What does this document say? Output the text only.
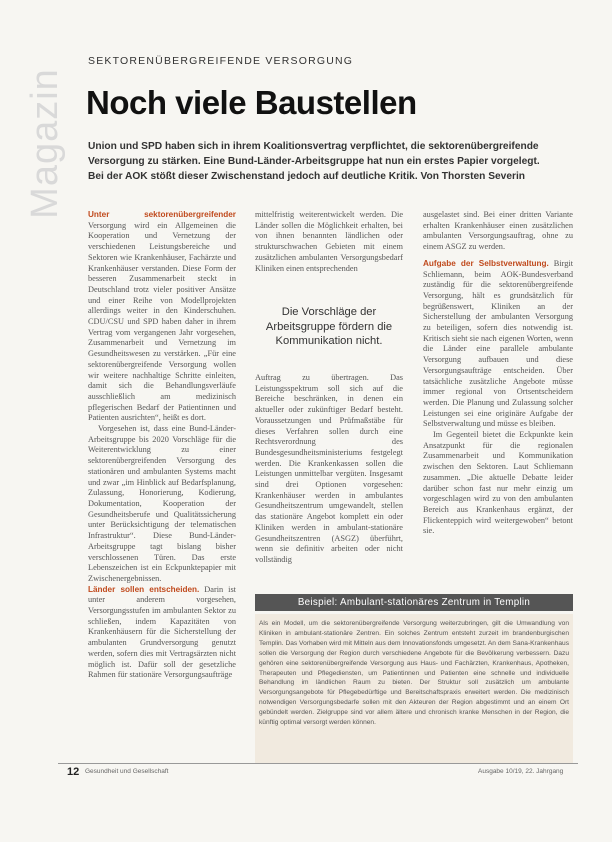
Magazin
SEKTORENÜBERGREIFENDE VERSORGUNG
Noch viele Baustellen
Union und SPD haben sich in ihrem Koalitionsvertrag verpflichtet, die sektorenübergreifende Versorgung zu stärken. Eine Bund-Länder-Arbeitsgruppe hat nun ein erstes Papier vorgelegt. Bei der AOK stößt dieser Zwischenstand jedoch auf deutliche Kritik. Von Thorsten Severin

Unter sektorenübergreifender Versorgung wird ein Allgemeinen die Kooperation und Vernetzung der verschiedenen Leistungsbereiche und Sektoren wie Krankenhäuser, Fachärzte und Krankenhäuser verstanden. Diese Form der besseren Zusammenarbeit steckt in Deutschland trotz vieler positiver Ansätze und einer Reihe von Modellprojekten allerdings weiter in den Kinderschuhen. CDU/CSU und SPD haben daher in ihrem Vertrag vom vergangenen Jahr vorgesehen, Zusammenarbeit und Vernetzung im Gesundheitswesen zu verstärken. „Für eine sektorenübergreifende Versorgung wollen wir weitere nachhaltige Schritte einleiten, damit sich die Behandlungsverläufe ausschließlich am medizinisch pflegerischen Bedarf der Patientinnen und Patienten ausrichten“, heißt es dort.

Vorgesehen ist, dass eine Bund-Länder-Arbeitsgruppe bis 2020 Vorschläge für die Weiterentwicklung zu einer sektorenübergreifenden Versorgung des stationären und ambulanten Systems macht und zwar „im Hinblick auf Bedarfsplanung, Zulassung, Honorierung, Kodierung, Dokumentation, Kooperation der Gesundheitsberufe und Qualitätssicherung unter Berücksichtigung der telematischen Infrastruktur“. Diese Bund-Länder-Arbeitsgruppe tagt bislang bisher verschlossenen Türen. Das erste Lebenszeichen ist ein Eckpunktepapier mit Zwischenergebnissen.

Länder sollen entscheiden. Darin ist unter anderem vorgesehen, Versorgungsstufen im ambulanten Sektor zu schließen, indem Kapazitäten von Krankenhäusern für die Sicherstellung der ambulanten Grundversorgung genutzt werden, sofern dies mit Vertragsärzten nicht möglich ist. Dafür soll der gesetzliche Rahmen für stationäre Versorgungsaufträge

mittelfristig weiterentwickelt werden. Die Länder sollen die Möglichkeit erhalten, bei von ihnen benannten ländlichen oder strukturschwachen Gebieten mit einem zusätzlichen ambulanten Versorgungsbedarf Kliniken einen entsprechenden

Die Vorschläge der Arbeitsgruppe fördern die Kommunikation nicht.

Auftrag zu übertragen. Das Leistungsspektrum soll sich auf die Bereiche beschränken, in denen ein aktueller oder zukünftiger Bedarf besteht. Voraussetzungen und Prüfmaßstäbe für dieses Verfahren sollen durch eine Rechtsverordnung des Bundesgesundheitsministeriums festgelegt werden. Die Krankenkassen sollen die Leistungen unmittelbar vergüten. Insgesamt sind drei Optionen vorgesehen: Krankenhäuser werden in ambulantes Gesundheitszentrum umgewandelt, stellen das stationäre Angebot komplett ein oder Kliniken werden in ambulant-stationäre Gesundheitszentren (ASGZ) überführt, wenn sie definitiv arbeiten oder nicht vollständig

ausgelastet sind. Bei einer dritten Variante erhalten Krankenhäuser einen zusätzlichen ambulanten Versorgungsauftrag, ohne zu einem ASGZ zu werden.

Aufgabe der Selbstverwaltung. Birgit Schliemann, beim AOK-Bundesverband zuständig für die sektorenübergreifende Versorgung, hält es grundsätzlich für begrüßenswert, Kliniken an der Sicherstellung der ambulanten Versorgung zu beteiligen, sofern dies notwendig ist. Kritisch sieht sie nach eigenen Worten, wenn die Länder eine parallele ambulante Versorgung aufbauen und diese Versorgungsaufträge entscheiden. Über tatsächliche zusätzliche Angebote müsse immer regional von Ortsentscheidern werden. Die Planung und Zulassung solcher Leistungen sei eine originäre Aufgabe der Selbstverwaltung und müsse es bleiben.

Im Gegenteil bietet die Eckpunkte kein Ansatzpunkt für die regionalen Zusammenarbeit und Kommunikation zwischen den Sektoren. Laut Schliemann zusammen. „Die aktuelle Debatte leider darüber schon fast nur mehr einzig um vorgeschlagen wird zu von den ambulanten Bereich aus Krankenhaus ergänzt, der Flickenteppich wird weitergewoben“ betont sie.

Beispiel: Ambulant-stationäres Zentrum in Templin
Als ein Modell, um die sektorenübergreifende Versorgung weiterzubringen, gilt die Umwandlung von Kliniken in ambulant-stationäre Zentren. Ein solches Zentrum entsteht zurzeit im brandenburgischen Templin. Das Vorhaben wird mit Mitteln aus dem Innovationsfonds umgesetzt. An dem Sana-Krankenhaus sollen die Versorgung der Region durch verschiedene Angebote für die Bevölkerung verbessern. Dazu gehören eine sektorenübergreifende Versorgung aus Haus- und Fachärzten, Krankenhaus, Apotheken, Therapeuten und Pflegediensten, um Patientinnen und Patienten eine schnelle und individuelle Behandlung im ländlichen Raum zu bieten. Der Struktur soll zusätzlich um ambulante Versorgungsangebote für Pflegebedürftige und Bereitschaftspraxis erweitert werden. Die medizinisch notwendigen Versorgungsbedarfe sollen mit den Akteuren der Region abgestimmt und an einem Ort gebündelt werden. Zielgruppe sind vor allem ältere und chronisch kranke Menschen in der Region, die künftig optimal versorgt werden können.
12 Gesundheit und Gesellschaft	Ausgabe 10/19, 22. Jahrgang
